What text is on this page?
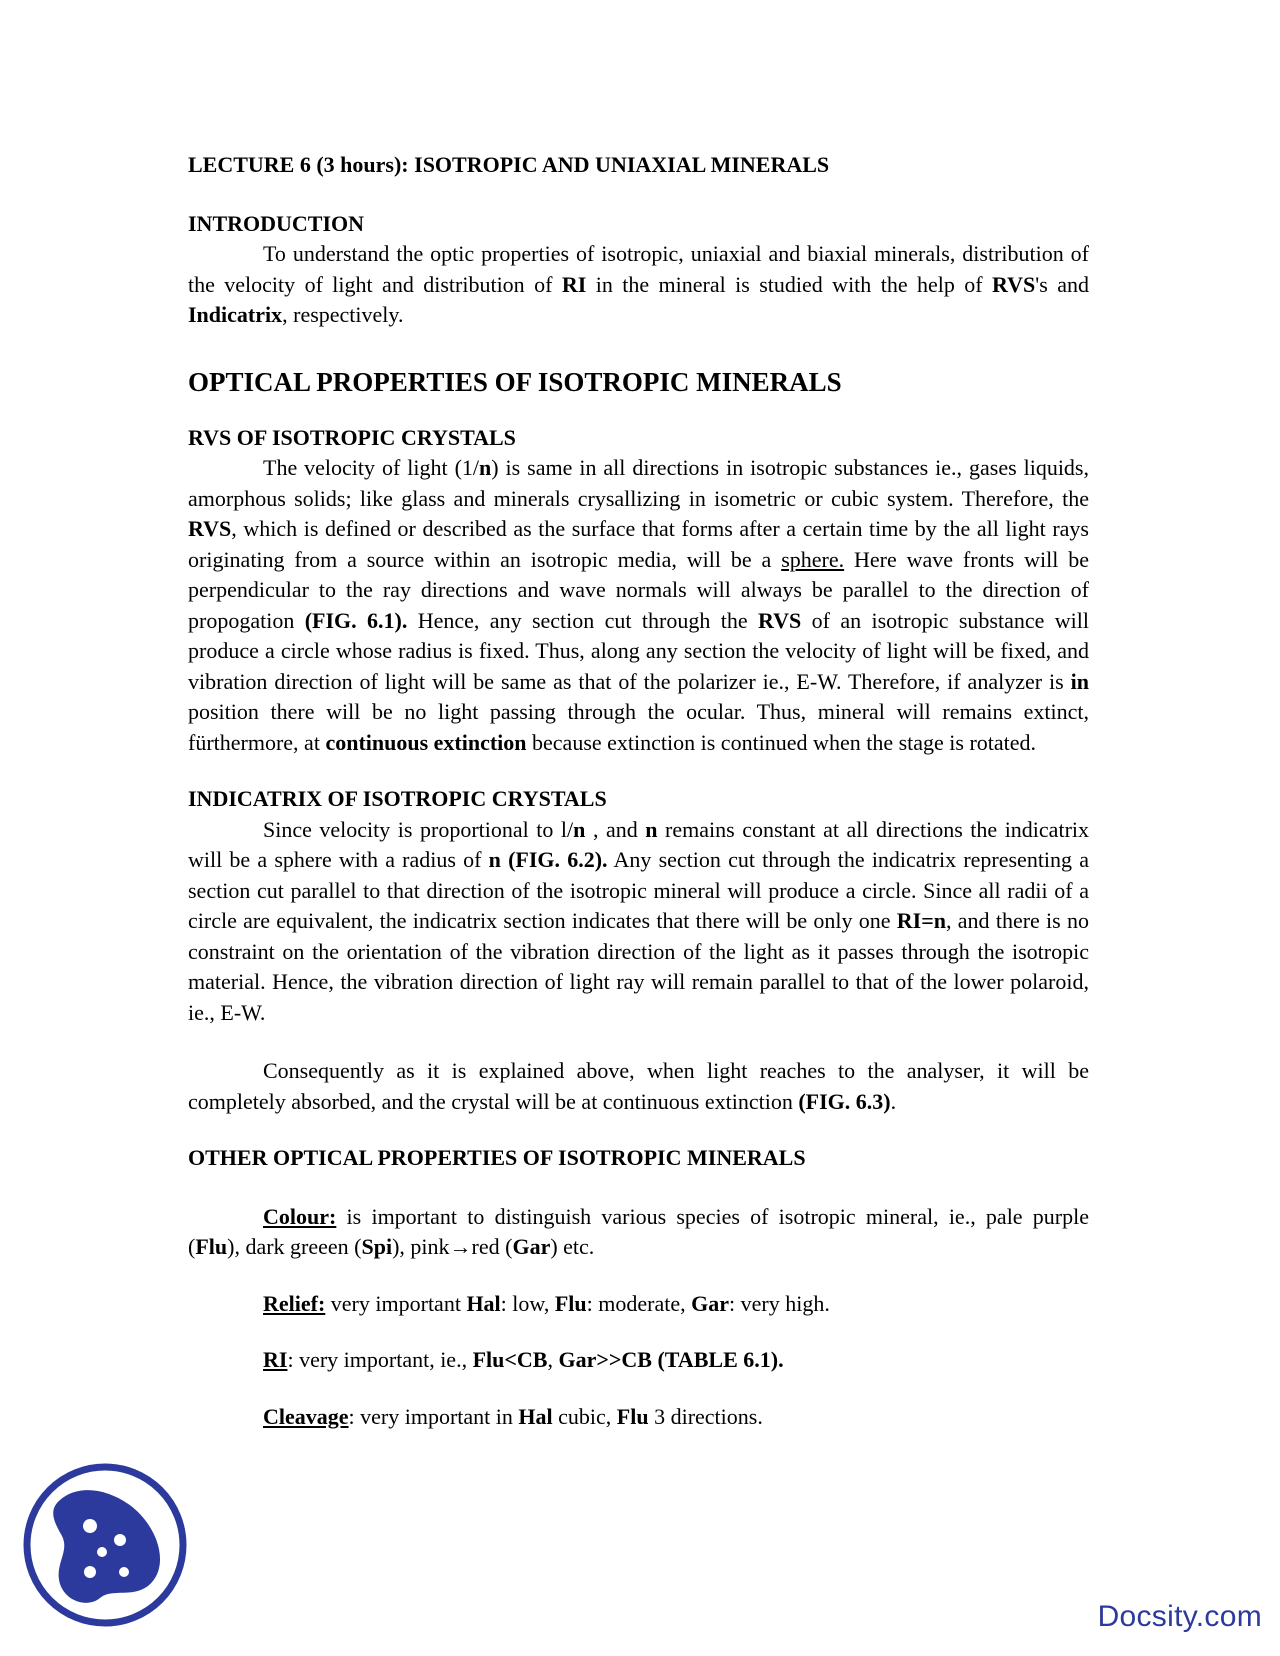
LECTURE 6 (3 hours): ISOTROPIC AND UNIAXIAL MINERALS
INTRODUCTION

To understand the optic properties of isotropic, uniaxial and biaxial minerals, distribution of the velocity of light and distribution of RI in the mineral is studied with the help of RVS's and Indicatrix, respectively.

OPTICAL PROPERTIES OF ISOTROPIC MINERALS
RVS OF ISOTROPIC CRYSTALS

The velocity of light (1/n) is same in all directions in isotropic substances ie., gases liquids, amorphous solids; like glass and minerals crysallizing in isometric or cubic system. Therefore, the RVS, which is defined or described as the surface that forms after a certain time by the all light rays originating from a source within an isotropic media, will be a sphere. Here wave fronts will be perpendicular to the ray directions and wave normals will always be parallel to the direction of propogation (FIG. 6.1). Hence, any section cut through the RVS of an isotropic substance will produce a circle whose radius is fixed. Thus, along any section the velocity of light will be fixed, and vibration direction of light will be same as that of the polarizer ie., E-W. Therefore, if analyzer is in position there will be no light passing through the ocular. Thus, mineral will remains extinct, fürthermore, at continuous extinction because extinction is continued when the stage is rotated.

INDICATRIX OF ISOTROPIC CRYSTALS

Since velocity is proportional to l/n , and n remains constant at all directions the indicatrix will be a sphere with a radius of n (FIG. 6.2). Any section cut through the indicatrix representing a section cut parallel to that direction of the isotropic mineral will produce a circle. Since all radii of a circle are equivalent, the indicatrix section indicates that there will be only one RI=n, and there is no constraint on the orientation of the vibration direction of the light as it passes through the isotropic material. Hence, the vibration direction of light ray will remain parallel to that of the lower polaroid, ie., E-W.

Consequently as it is explained above, when light reaches to the analyser, it will be completely absorbed, and the crystal will be at continuous extinction (FIG. 6.3).

OTHER OPTICAL PROPERTIES OF ISOTROPIC MINERALS

Colour: is important to distinguish various species of isotropic mineral, ie., pale purple (Flu), dark greeen (Spi), pink→red (Gar) etc.

Relief: very important Hal: low, Flu: moderate, Gar: very high.

RI: very important, ie., Flu<CB, Gar>>CB (TABLE 6.1).

Cleavage: very important in Hal cubic, Flu 3 directions.

Docsity.com
